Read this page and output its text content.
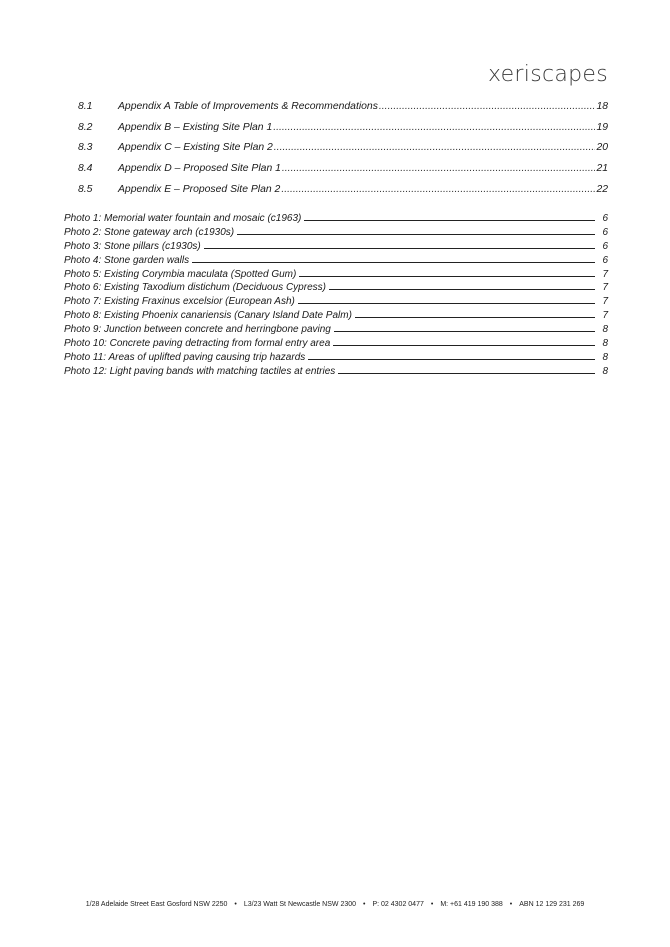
xeriscapes
8.1	Appendix A Table of Improvements & Recommendations .....	18
8.2	Appendix B – Existing Site Plan 1 .....	19
8.3	Appendix C – Existing Site Plan 2 .....	20
8.4	Appendix D – Proposed Site Plan 1 .....	21
8.5	Appendix E – Proposed Site Plan 2 .....	22
Photo 1: Memorial water fountain and mosaic (c1963)	6
Photo 2: Stone gateway arch (c1930s)	6
Photo 3: Stone pillars (c1930s)	6
Photo 4: Stone garden walls	6
Photo 5: Existing Corymbia maculata (Spotted Gum)	7
Photo 6: Existing Taxodium distichum (Deciduous Cypress)	7
Photo 7: Existing Fraxinus excelsior (European Ash)	7
Photo 8: Existing Phoenix canariensis (Canary Island Date Palm)	7
Photo 9: Junction between concrete and herringbone paving	8
Photo 10: Concrete paving detracting from formal entry area	8
Photo 11: Areas of uplifted paving causing trip hazards	8
Photo 12: Light paving bands with matching tactiles at entries	8
1/28 Adelaide Street East Gosford NSW 2250 • L3/23 Watt St Newcastle NSW 2300 • P: 02 4302 0477 • M: +61 419 190 388 • ABN 12 129 231 269
